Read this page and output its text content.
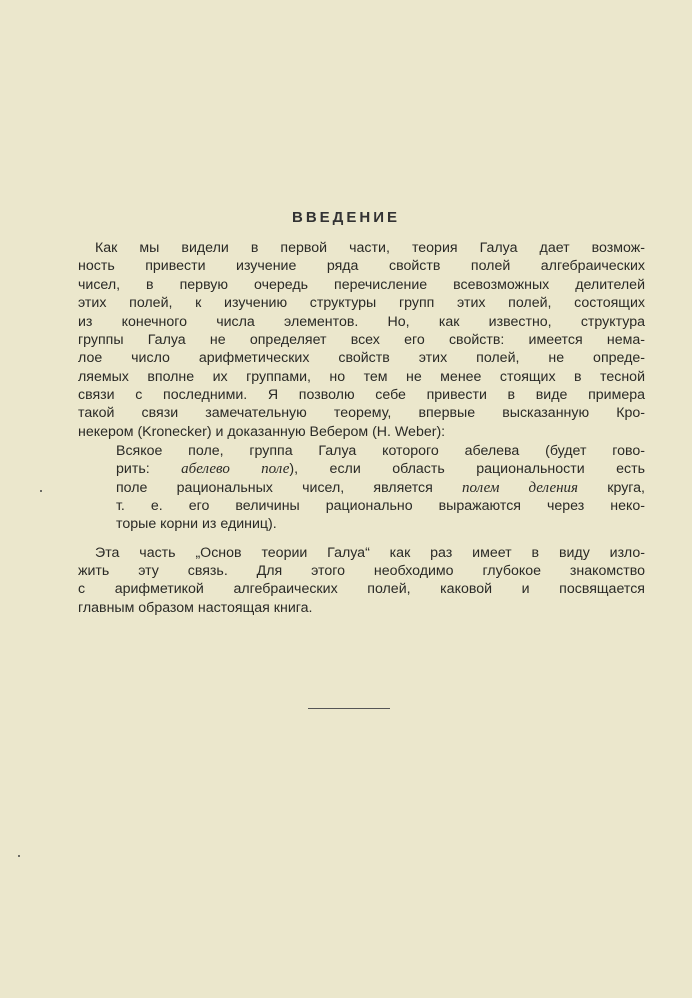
ВВЕДЕНИЕ
Как мы видели в первой части, теория Галуа дает возмож-
ность привести изучение ряда свойств полей алгебраических
чисел, в первую очередь перечисление всевозможных делителей
этих полей, к изучению структуры групп этих полей, состоящих
из конечного числа элементов. Но, как известно, структура
группы Галуа не определяет всех его свойств: имеется нема-
лое число арифметических свойств этих полей, не опреде-
ляемых вполне их группами, но тем не менее стоящих в тесной
связи с последними. Я позволю себе привести в виде примера
такой связи замечательную теорему, впервые высказанную Кро-
некером (Kronecker) и доказанную Вебером (H. Weber):
Всякое поле, группа Галуа которого абелева (будет гово-
рить: абелево поле), если область рациональности есть
поле рациональных чисел, является полем деления круга,
т. е. его величины рационально выражаются через неко-
торые корни из единиц).
Эта часть „Основ теории Галуа“ как раз имеет в виду изло-
жить эту связь. Для этого необходимо глубокое знакомство
с арифметикой алгебраических полей, каковой и посвящается
главным образом настоящая книга.
